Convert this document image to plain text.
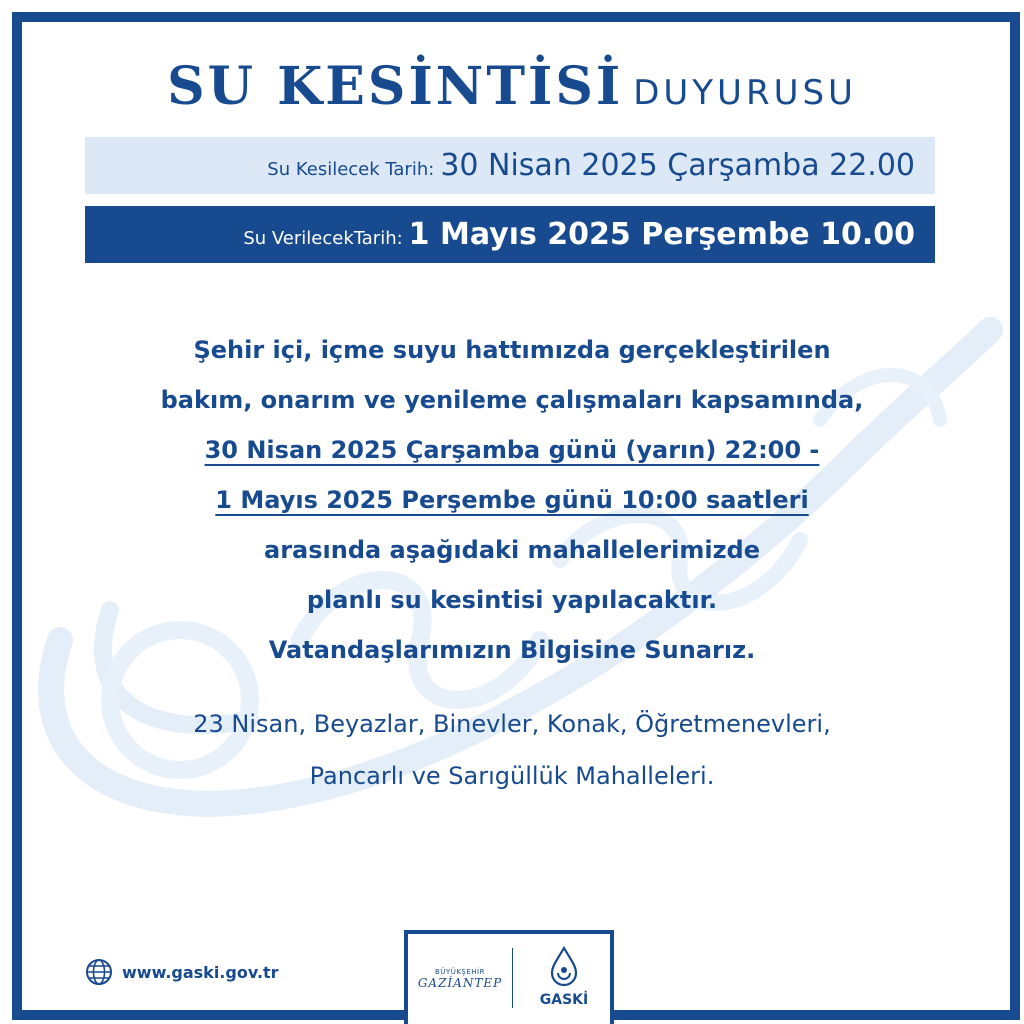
SU KESİNTİSİ DUYURUSU
Su Kesilecek Tarih: 30 Nisan 2025 Çarşamba 22.00
Su VerilecekTarih: 1 Mayıs 2025 Perşembe 10.00
Şehir içi, içme suyu hattımızda gerçekleştirilen
bakım, onarım ve yenileme çalışmaları kapsamında,
30 Nisan 2025 Çarşamba günü (yarın) 22:00 -
1 Mayıs 2025 Perşembe günü 10:00 saatleri
arasında aşağıdaki mahallelerimizde
planlı su kesintisi yapılacaktır.
Vatandaşlarımızın Bilgisine Sunarız.
23 Nisan, Beyazlar, Binevler, Konak, Öğretmenevleri,
Pancarlı ve Sarıgüllük Mahalleleri.
www.gaski.gov.tr	BÜYÜKŞEHİR
GAZİANTEP
GASKİ
